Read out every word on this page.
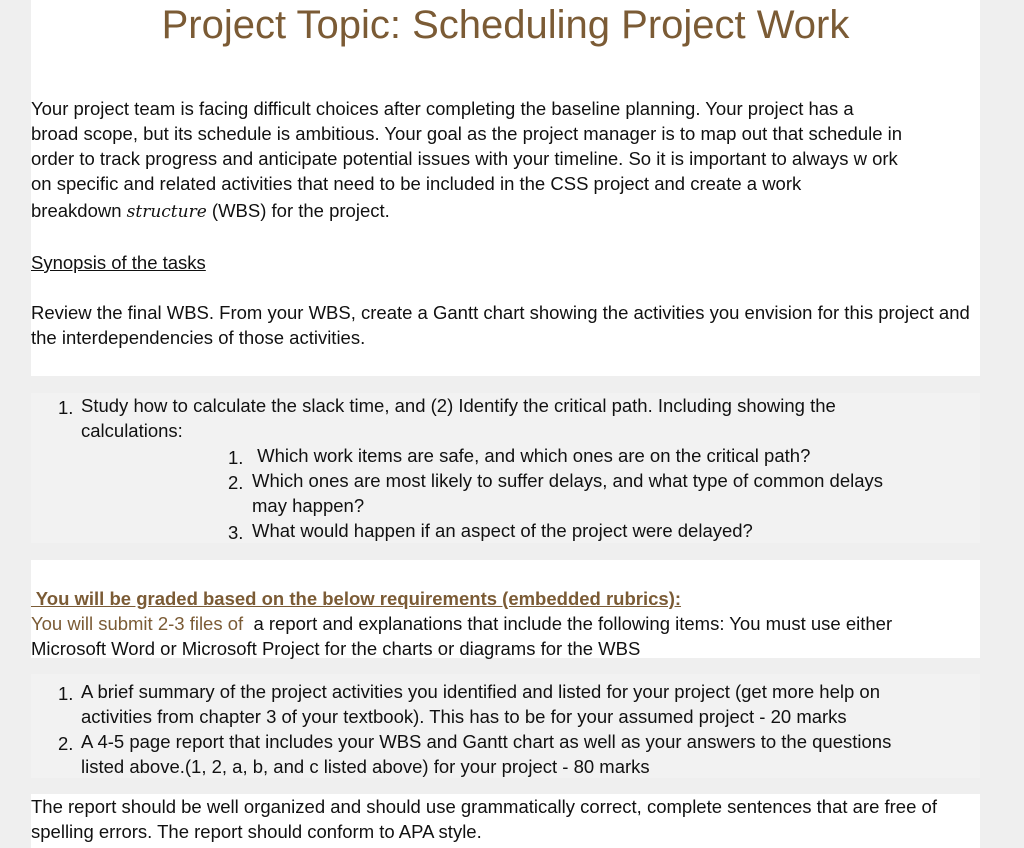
Project Topic: Scheduling Project Work
Your project team is facing difficult choices after completing the baseline planning. Your project has a
broad scope, but its schedule is ambitious. Your goal as the project manager is to map out that schedule in
order to track progress and anticipate potential issues with your timeline. So it is important to always w ork
on specific and related activities that need to be included in the CSS project and create a work
breakdown structure (WBS) for the project.
Synopsis of the tasks
Review the final WBS. From your WBS, create a Gantt chart showing the activities you envision for this project and the interdependencies of those activities.
1. Study how to calculate the slack time, and (2) Identify the critical path. Including showing the
calculations:
1. Which work items are safe, and which ones are on the critical path?
2. Which ones are most likely to suffer delays, and what type of common delays
may happen?
3. What would happen if an aspect of the project were delayed?
You will be graded based on the below requirements (embedded rubrics):
You will submit 2-3 files of  a report and explanations that include the following items: You must use either
Microsoft Word or Microsoft Project for the charts or diagrams for the WBS
1. A brief summary of the project activities you identified and listed for your project (get more help on
activities from chapter 3 of your textbook). This has to be for your assumed project - 20 marks
2. A 4-5 page report that includes your WBS and Gantt chart as well as your answers to the questions
listed above.(1, 2, a, b, and c listed above) for your project - 80 marks
The report should be well organized and should use grammatically correct, complete sentences that are free of spelling errors. The report should conform to APA style.
